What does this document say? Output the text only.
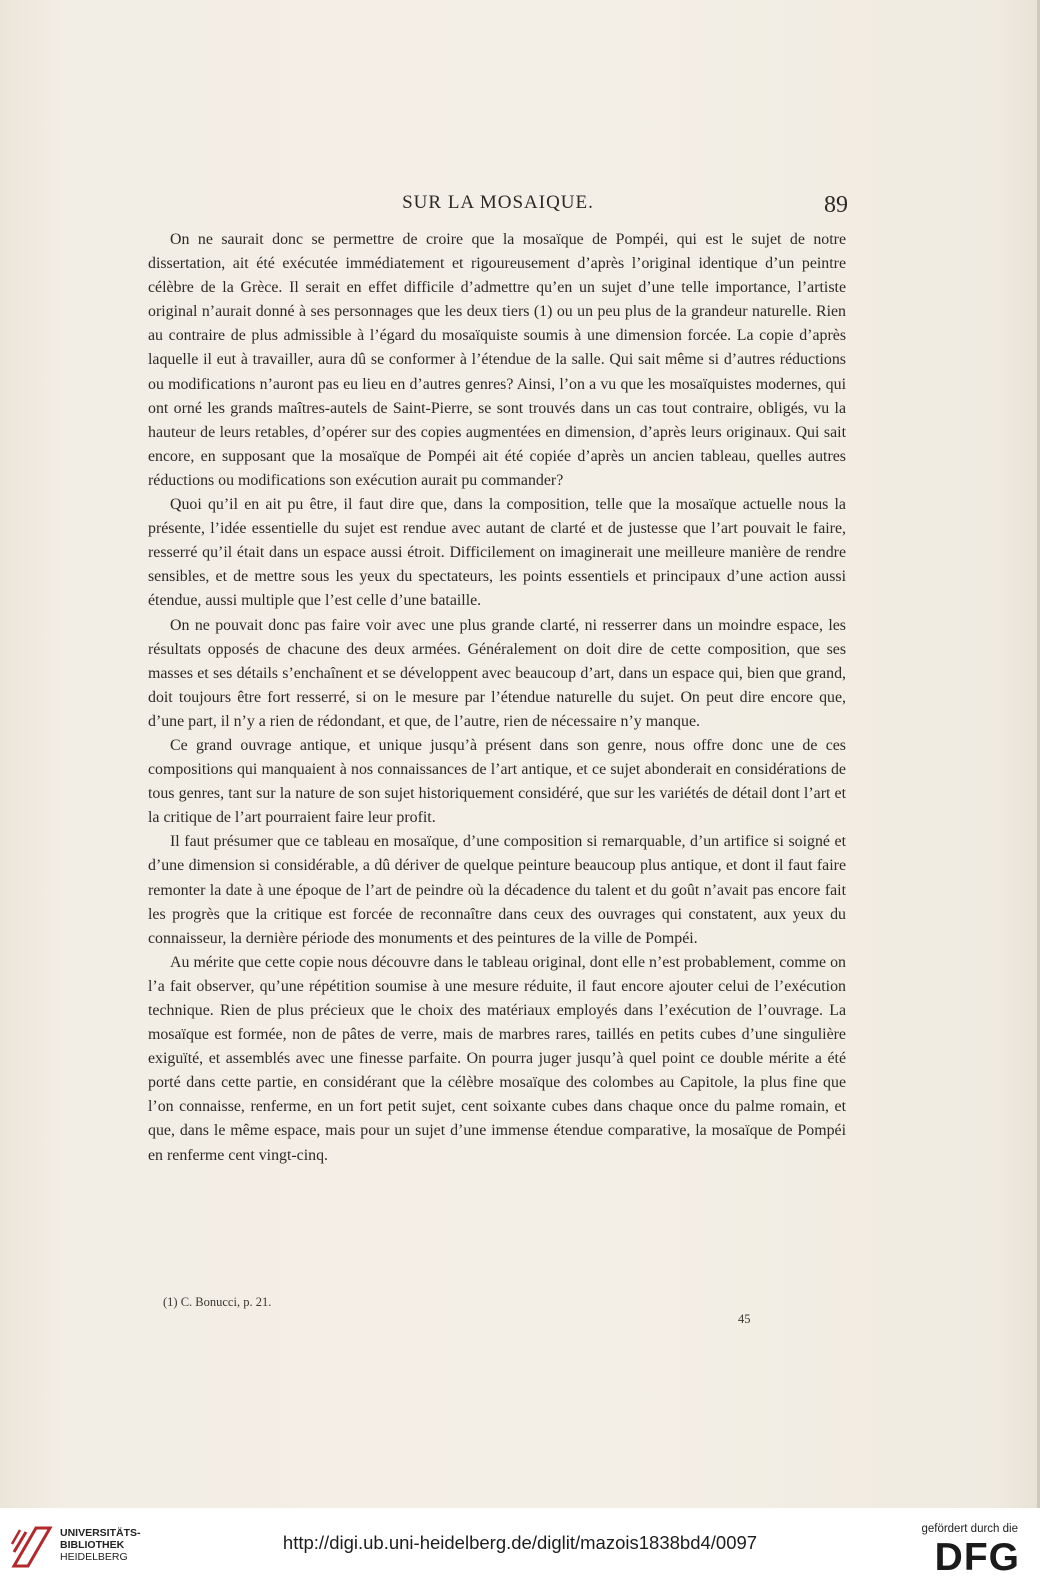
SUR LA MOSAIQUE.	89

On ne saurait donc se permettre de croire que la mosaïque de Pompéi, qui est le sujet de notre dissertation, ait été exécutée immédiatement et rigoureusement d’après l’original identique d’un peintre célèbre de la Grèce. Il serait en effet difficile d’admettre qu’en un sujet d’une telle importance, l’artiste original n’aurait donné à ses personnages que les deux tiers (1) ou un peu plus de la grandeur naturelle. Rien au contraire de plus admissible à l’égard du mosaïquiste soumis à une dimension forcée. La copie d’après laquelle il eut à travailler, aura dû se conformer à l’étendue de la salle. Qui sait même si d’autres réductions ou modifications n’auront pas eu lieu en d’autres genres? Ainsi, l’on a vu que les mosaïquistes modernes, qui ont orné les grands maîtres-autels de Saint-Pierre, se sont trouvés dans un cas tout contraire, obligés, vu la hauteur de leurs retables, d’opérer sur des copies augmentées en dimension, d’après leurs originaux. Qui sait encore, en supposant que la mosaïque de Pompéi ait été copiée d’après un ancien tableau, quelles autres réductions ou modifications son exécution aurait pu commander?

Quoi qu’il en ait pu être, il faut dire que, dans la composition, telle que la mosaïque actuelle nous la présente, l’idée essentielle du sujet est rendue avec autant de clarté et de justesse que l’art pouvait le faire, resserré qu’il était dans un espace aussi étroit. Difficilement on imaginerait une meilleure manière de rendre sensibles, et de mettre sous les yeux du spectateurs, les points essentiels et principaux d’une action aussi étendue, aussi multiple que l’est celle d’une bataille.

On ne pouvait donc pas faire voir avec une plus grande clarté, ni resserrer dans un moindre espace, les résultats opposés de chacune des deux armées. Généralement on doit dire de cette composition, que ses masses et ses détails s’enchaînent et se développent avec beaucoup d’art, dans un espace qui, bien que grand, doit toujours être fort resserré, si on le mesure par l’étendue naturelle du sujet. On peut dire encore que, d’une part, il n’y a rien de rédondant, et que, de l’autre, rien de nécessaire n’y manque.

Ce grand ouvrage antique, et unique jusqu’à présent dans son genre, nous offre donc une de ces compositions qui manquaient à nos connaissances de l’art antique, et ce sujet abonderait en considérations de tous genres, tant sur la nature de son sujet historiquement considéré, que sur les variétés de détail dont l’art et la critique de l’art pourraient faire leur profit.

Il faut présumer que ce tableau en mosaïque, d’une composition si remarquable, d’un artifice si soigné et d’une dimension si considérable, a dû dériver de quelque peinture beaucoup plus antique, et dont il faut faire remonter la date à une époque de l’art de peindre où la décadence du talent et du goût n’avait pas encore fait les progrès que la critique est forcée de reconnaître dans ceux des ouvrages qui constatent, aux yeux du connaisseur, la dernière période des monuments et des peintures de la ville de Pompéi.

Au mérite que cette copie nous découvre dans le tableau original, dont elle n’est probablement, comme on l’a fait observer, qu’une répétition soumise à une mesure réduite, il faut encore ajouter celui de l’exécution technique. Rien de plus précieux que le choix des matériaux employés dans l’exécution de l’ouvrage. La mosaïque est formée, non de pâtes de verre, mais de marbres rares, taillés en petits cubes d’une singulière exiguïté, et assemblés avec une finesse parfaite. On pourra juger jusqu’à quel point ce double mérite a été porté dans cette partie, en considérant que la célèbre mosaïque des colombes au Capitole, la plus fine que l’on connaisse, renferme, en un fort petit sujet, cent soixante cubes dans chaque once du palme romain, et que, dans le même espace, mais pour un sujet d’une immense étendue comparative, la mosaïque de Pompéi en renferme cent vingt-cinq.

(1) C. Bonucci, p. 21.
45
UNIVERSITÄTS-
BIBLIOTHEK
HEIDELBERG
http://digi.ub.uni-heidelberg.de/diglit/mazois1838bd4/0097
gefördert durch die
DFG
